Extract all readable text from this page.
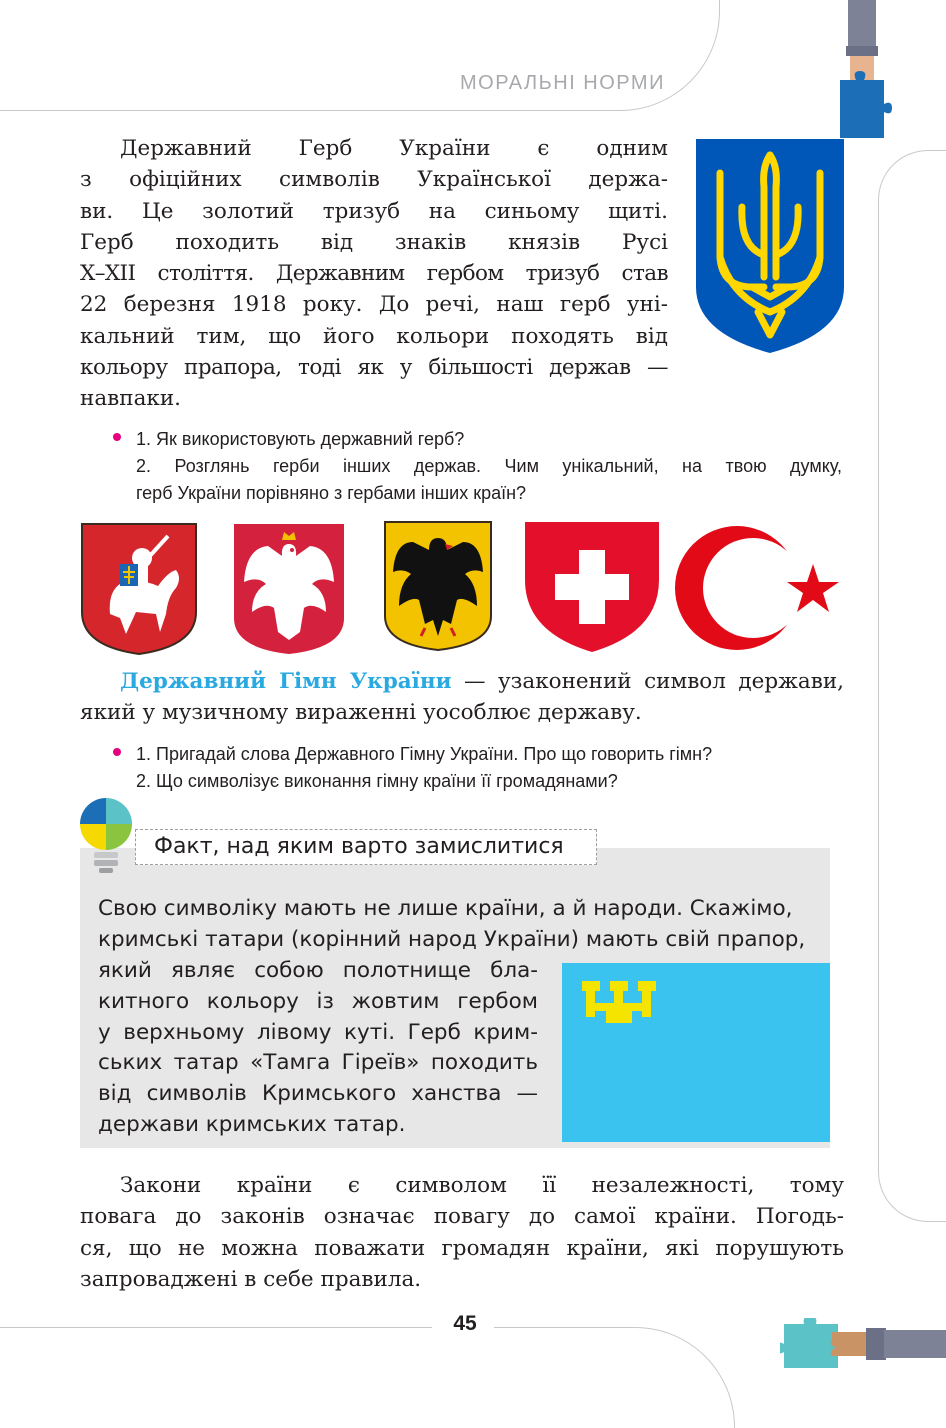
МОРАЛЬНІ НОРМИ
Державний Герб України є одним
з офіційних символів Української держа-
ви. Це золотий тризуб на синьому щиті.
Герб походить від знаків князів Русі
Х–ХІІ століття. Державним гербом тризуб став
22 березня 1918 року. До речі, наш герб уні-
кальний тим, що його кольори походять від
кольору прапора, тоді як у більшості держав —
навпаки.
1. Як використовують державний герб?
2. Розглянь герби інших держав. Чим унікальний, на твою думку,
герб України порівняно з гербами інших країн?
Державний Гімн України — узаконений символ держави,
який у музичному вираженні уособлює державу.
1. Пригадай слова Державного Гімну України. Про що говорить гімн?
2. Що символізує виконання гімну країни її громадянами?
Факт, над яким варто замислитися
Свою символіку мають не лише країни, а й народи. Скажімо,
кримські татари (корінний народ України) мають свій прапор,
який являє собою полотнище бла-
китного кольору із жовтим гербом
у верхньому лівому куті. Герб крим-
ських татар «Тамга Гіреїв» походить
від символів Кримського ханства —
держави кримських татар.
Закони країни є символом її незалежності, тому
повага до законів означає повагу до самої країни. Погодь-
ся, що не можна поважати громадян країни, які порушують
запроваджені в себе правила.
45
